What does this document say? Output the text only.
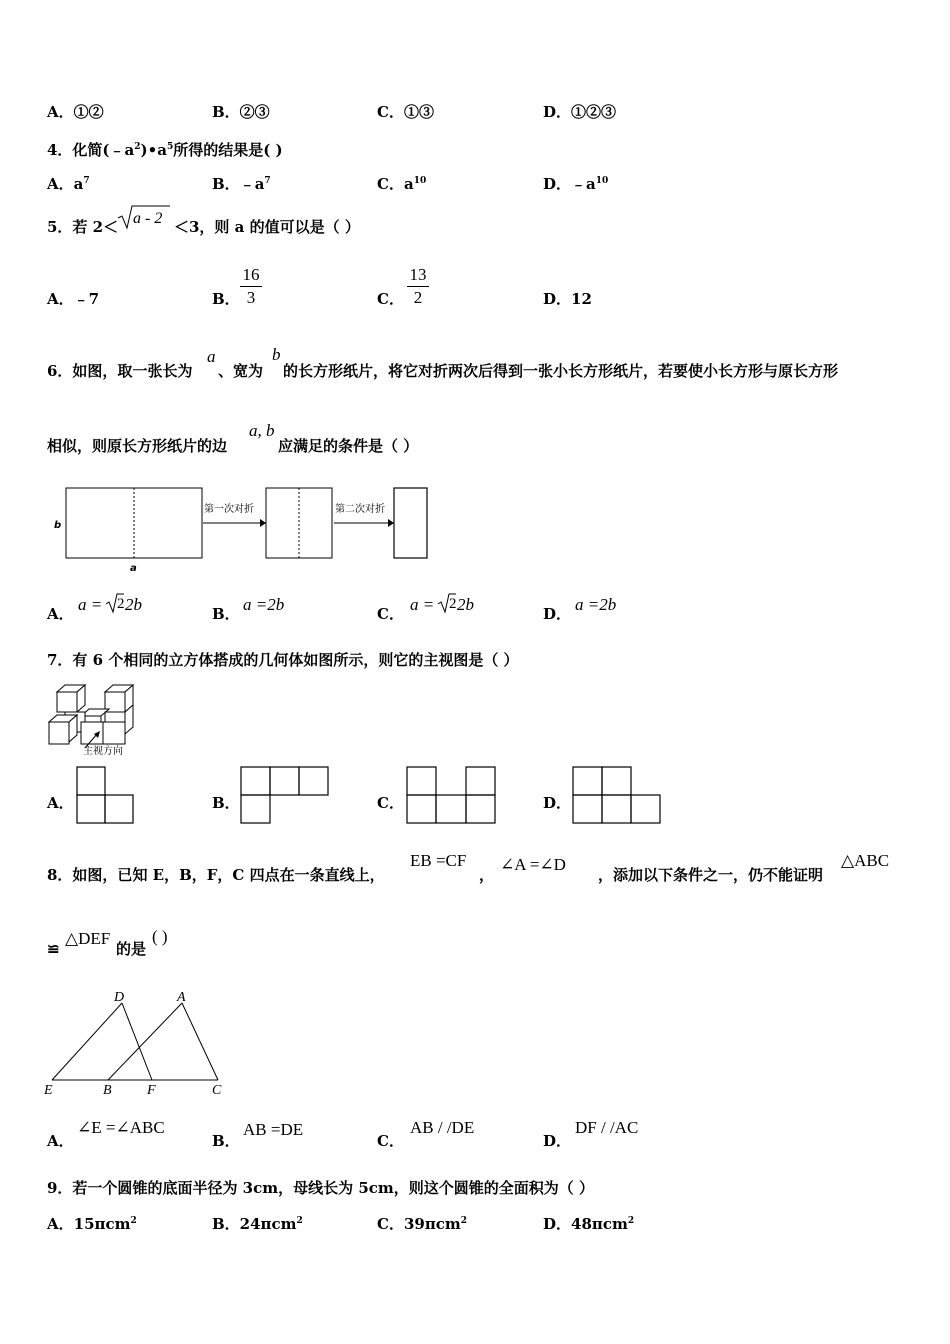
A．①②	B．②③	C．①③	D．①②③
4．化简$(﹣a^2)•a^5$所得的结果是( )
A．$a^7$	B．$﹣a^7$	C．$a^{10}$	D．$﹣a^{10}$
5．若 2＜ a - 2 ＜3，则 a 的值可以是（ ）
A．﹣7	B．
16
3	C．
13
2	D．12
6．如图，取一张长为
a
、宽为
b
的长方形纸片，将它对折两次后得到一张小长方形纸片，若要使小长方形与原长方形
相似，则原长方形纸片的边
a, b
应满足的条件是（ ）
b
a
第一次对折	第二次对折
A． a = 2 2b	B． a =2b	C． a = 2 2b	D． a =2b
7．有 6 个相同的立方体搭成的几何体如图所示，则它的主视图是（ ）
主视方向
A．	B．	C．	D．
8．如图，已知 E，B，F，C 四点在一条直线上，
EB =CF
，
∠A =∠D
，添加以下条件之一，仍不能证明
△ABC
≌
△DEF
的是
( )
D	A
E	B	F	C
A．
∠E =∠ABC
B．
AB =DE
C．
AB / /DE
D．
DF / /AC
9．若一个圆锥的底面半径为 3cm，母线长为 5cm，则这个圆锥的全面积为（ ）
A．15πcm$^2$	B．24πcm$^2$	C．39πcm$^2$	D．48πcm$^2$
